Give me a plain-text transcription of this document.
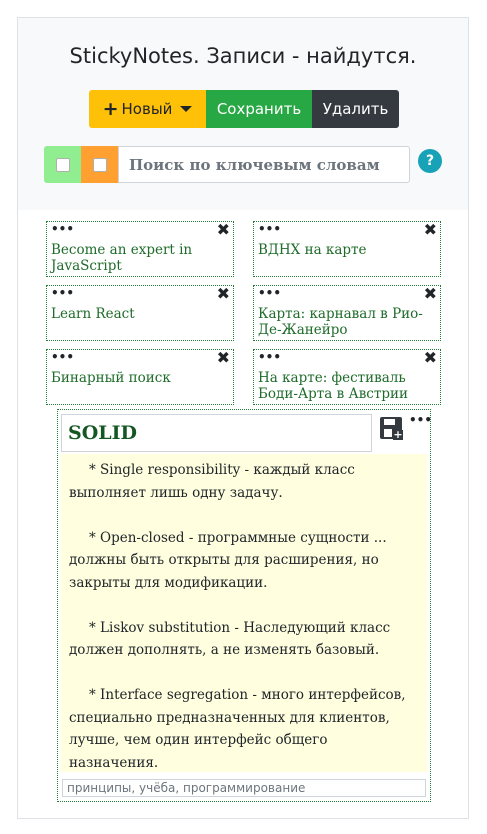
StickyNotes. Записи - найдутся.
+ Новый	Сохранить	Удалить
Поиск по ключевым словам	?
•••	✖
Become an expert in JavaScript
•••	✖
ВДНХ на карте
•••	✖
Learn React
•••	✖
Карта: карнавал в Рио-Де-Жанейро
•••	✖
Бинарный поиск
•••	✖
На карте: фестиваль Боди-Арта в Австрии
SOLID	+
•••

* Single responsibility - каждый класс выполняет лишь одну задачу.

* Open-closed - программные сущности ... должны быть открыты для расширения, но закрыты для модификации.

* Liskov substitution - Наследующий класс должен дополнять, а не изменять базовый.

* Interface segregation - много интерфейсов, специально предназначенных для клиентов, лучше, чем один интерфейс общего назначения.

принципы, учёба, программирование
